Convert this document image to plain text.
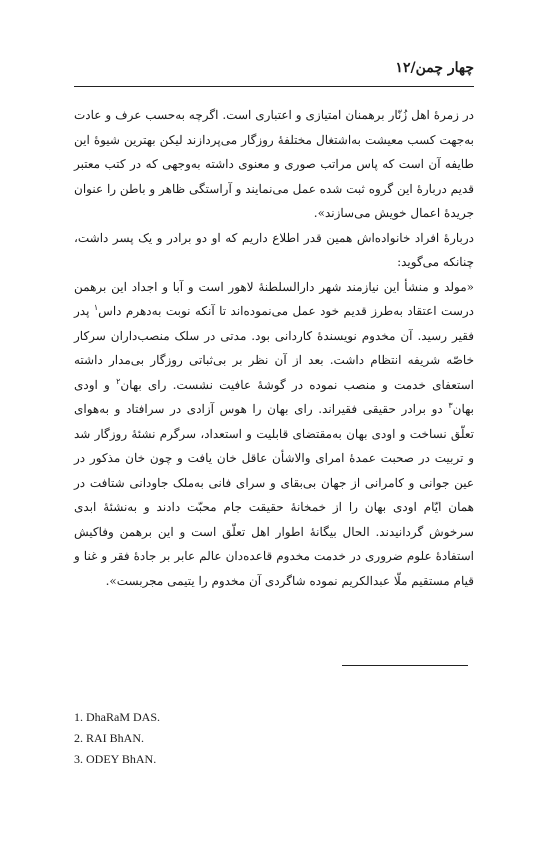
چهار چمن/۱۲

در زمرهٔ اهل زُنّار برهمنان امتیازی و اعتباری است. اگرچه به‌حسب عرف و عادت به‌جهت کسب معیشت به‌اشتغال مختلفهٔ روزگار می‌پردازند لیکن بهترین شیوهٔ این طایفه آن است که پاس مراتب صوری و معنوی داشته به‌وجهی که در کتب معتبر قدیم دربارهٔ این گروه ثبت شده عمل می‌نمایند و آراستگی ظاهر و باطن را عنوان جریدهٔ اعمال خویش می‌سازند».

دربارهٔ افراد خانواده‌اش همین قدر اطلاع داریم که او دو برادر و یک پسر داشت، چنانکه می‌گوید:

«مولد و منشأ این نیازمند شهر دارالسلطنهٔ لاهور است و آبا و اجداد این برهمن درست اعتقاد به‌طرز قدیم خود عمل می‌نموده‌اند تا آنکه نوبت به‌دهرم داس$^۱$ پدر فقیر رسید. آن مخدوم نویسندهٔ کاردانی بود. مدتی در سلک منصب‌داران سرکار خاصّه شریفه انتظام داشت. بعد از آن نظر بر بی‌ثباتی روزگار بی‌مدار داشته استعفای خدمت و منصب نموده در گوشهٔ عافیت نشست. رای بهان$^۲$ و اودی بهان$^۳$ دو برادر حقیقی فقیراند. رای بهان را هوس آزادی در سرافتاد و به‌هوای تعلّق نساخت و اودی بهان به‌مقتضای قابلیت و استعداد، سرگرم نشئهٔ روزگار شد و تربیت در صحبت عمدهٔ امرای والاشأن عاقل خان یافت و چون خان مذکور در عین جوانی و کامرانی از جهان بی‌بقای و سرای فانی به‌ملک جاودانی شتافت در همان ایّام اودی بهان را از خمخانهٔ حقیقت جام محبّت دادند و به‌نشئهٔ ابدی سرخوش گردانیدند. الحال بیگانهٔ اطوار اهل تعلّق است و این برهمن وفاکیش استفادهٔ علوم ضروری در خدمت مخدوم قاعده‌دان عالم عابر بر جادهٔ فقر و غنا و قیام مستقیم ملّا عبدالکریم نموده شاگردی آن مخدوم را یتیمی مجربست».

1. DhaRaM DAS.
2. RAI BhAN.
3. ODEY BhAN.
